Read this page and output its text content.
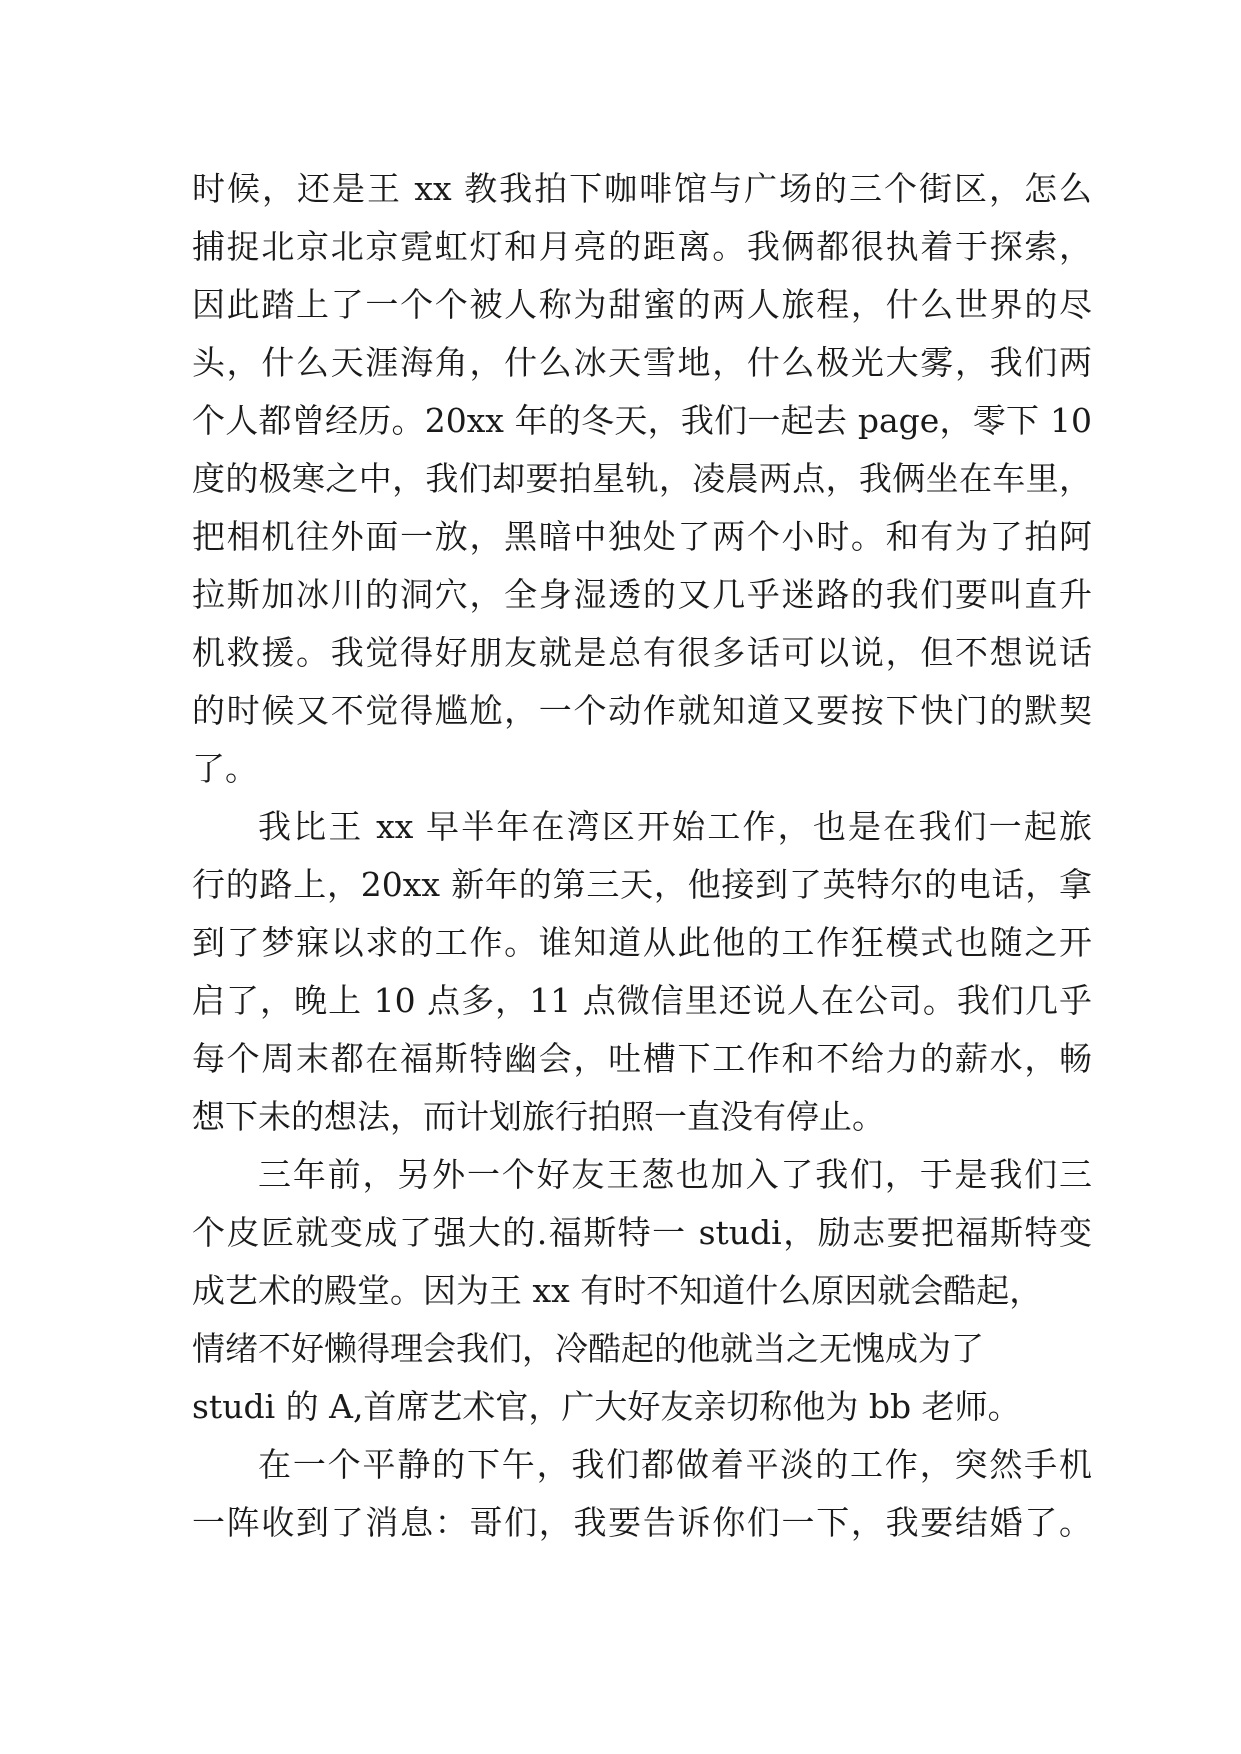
时候，还是王 xx 教我拍下咖啡馆与广场的三个街区，怎么
捕捉北京北京霓虹灯和月亮的距离。我俩都很执着于探索，
因此踏上了一个个被人称为甜蜜的两人旅程，什么世界的尽
头，什么天涯海角，什么冰天雪地，什么极光大雾，我们两
个人都曾经历。20xx 年的冬天，我们一起去 page，零下 10
度的极寒之中，我们却要拍星轨，凌晨两点，我俩坐在车里，
把相机往外面一放，黑暗中独处了两个小时。和有为了拍阿
拉斯加冰川的洞穴，全身湿透的又几乎迷路的我们要叫直升
机救援。我觉得好朋友就是总有很多话可以说，但不想说话
的时候又不觉得尴尬，一个动作就知道又要按下快门的默契
了。
我比王 xx 早半年在湾区开始工作，也是在我们一起旅
行的路上，20xx 新年的第三天，他接到了英特尔的电话，拿
到了梦寐以求的工作。谁知道从此他的工作狂模式也随之开
启了，晚上 10 点多，11 点微信里还说人在公司。我们几乎
每个周末都在福斯特幽会，吐槽下工作和不给力的薪水，畅
想下未的想法，而计划旅行拍照一直没有停止。
三年前，另外一个好友王葱也加入了我们，于是我们三
个皮匠就变成了强大的.福斯特一 studi，励志要把福斯特变
成艺术的殿堂。因为王 xx 有时不知道什么原因就会酷起，
情绪不好懒得理会我们，冷酷起的他就当之无愧成为了
studi 的 A,首席艺术官，广大好友亲切称他为 bb 老师。
在一个平静的下午，我们都做着平淡的工作，突然手机
一阵收到了消息：哥们，我要告诉你们一下，我要结婚了。
